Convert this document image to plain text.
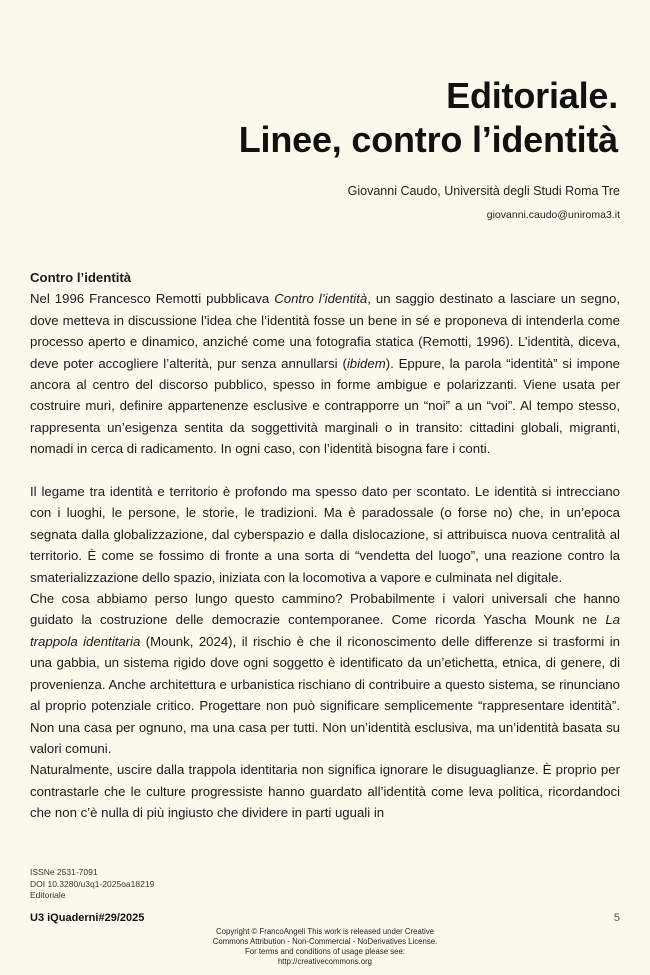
Editoriale.
Linee, contro l’identità
Giovanni Caudo, Università degli Studi Roma Tre
giovanni.caudo@uniroma3.it
Contro l’identità

Nel 1996 Francesco Remotti pubblicava Contro l’identità, un saggio destinato a lasciare un segno, dove metteva in discussione l’idea che l’identità fosse un bene in sé e proponeva di intenderla come processo aperto e dinamico, anziché come una fotografia statica (Remotti, 1996). L’identità, diceva, deve poter accogliere l’alterità, pur senza annullarsi (ibidem). Eppure, la parola “identità” si impone ancora al centro del discorso pubblico, spesso in forme ambigue e polarizzanti. Viene usata per costruire muri, definire appartenenze esclusive e contrapporre un “noi” a un “voi”. Al tempo stesso, rappresenta un’esigenza sentita da soggettività marginali o in transito: cittadini globali, migranti, nomadi in cerca di radicamento. In ogni caso, con l’identità bisogna fare i conti.

Il legame tra identità e territorio è profondo ma spesso dato per scontato. Le identità si intrecciano con i luoghi, le persone, le storie, le tradizioni. Ma è paradossale (o forse no) che, in un’epoca segnata dalla globalizzazione, dal cyberspazio e dalla dislocazione, si attribuisca nuova centralità al territorio. È come se fossimo di fronte a una sorta di “vendetta del luogo”, una reazione contro la smaterializzazione dello spazio, iniziata con la locomotiva a vapore e culminata nel digitale.

Che cosa abbiamo perso lungo questo cammino? Probabilmente i valori universali che hanno guidato la costruzione delle democrazie contemporanee. Come ricorda Yascha Mounk ne La trappola identitaria (Mounk, 2024), il rischio è che il riconoscimento delle differenze si trasformi in una gabbia, un sistema rigido dove ogni soggetto è identificato da un’etichetta, etnica, di genere, di provenienza. Anche architettura e urbanistica rischiano di contribuire a questo sistema, se rinunciano al proprio potenziale critico. Progettare non può significare semplicemente “rappresentare identità”. Non una casa per ognuno, ma una casa per tutti. Non un’identità esclusiva, ma un’identità basata su valori comuni.

Naturalmente, uscire dalla trappola identitaria non significa ignorare le disuguaglianze. È proprio per contrastarle che le culture progressiste hanno guardato all’identità come leva politica, ricordandoci che non c’è nulla di più ingiusto che dividere in parti uguali in

ISSNe 2531-7091
DOI 10.3280/u3q1-2025oa18219
Editoriale
U3 iQuaderni#29/2025	5
Copyright © FrancoAngeli This work is released under Creative
Commons Attribution - Non-Commercial - NoDerivatives License.
For terms and conditions of usage please see:
http://creativecommons.org
